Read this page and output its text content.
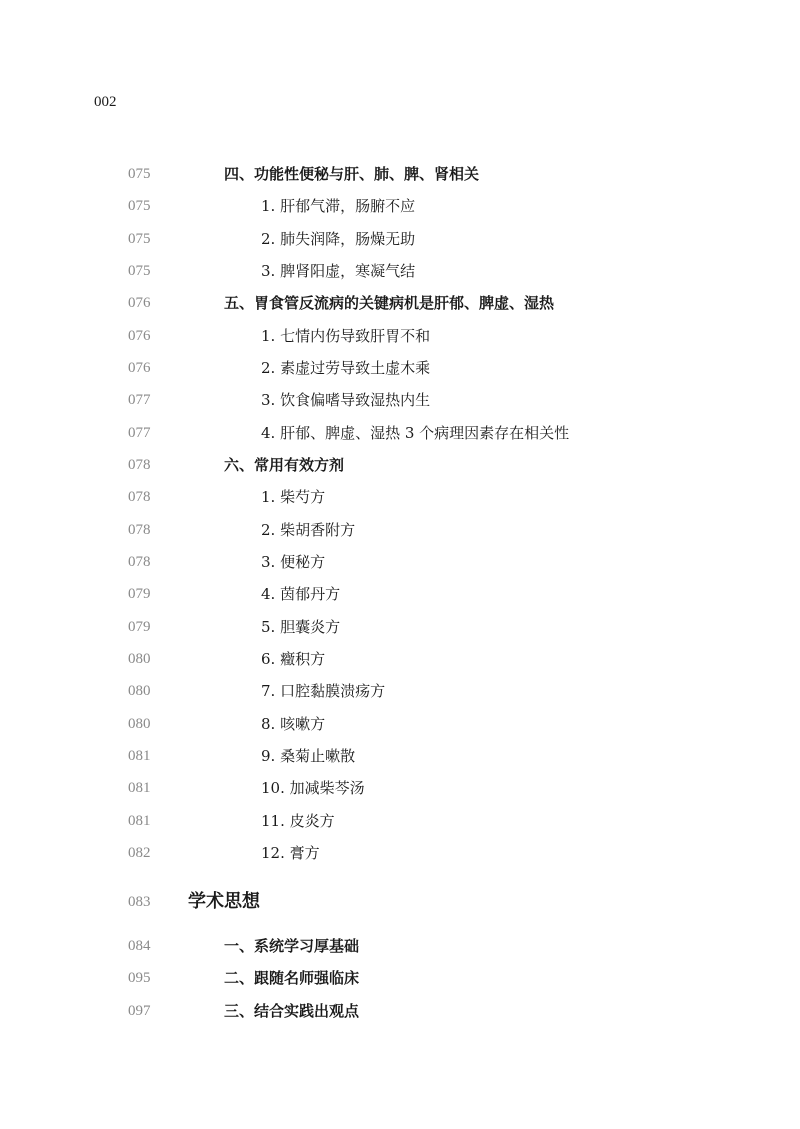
002
075	四、功能性便秘与肝、肺、脾、肾相关
075	1. 肝郁气滞，肠腑不应
075	2. 肺失润降，肠燥无助
075	3. 脾肾阳虚，寒凝气结
076	五、胃食管反流病的关键病机是肝郁、脾虚、湿热
076	1. 七情内伤导致肝胃不和
076	2. 素虚过劳导致土虚木乘
077	3. 饮食偏嗜导致湿热内生
077	4. 肝郁、脾虚、湿热 3 个病理因素存在相关性
078	六、常用有效方剂
078	1. 柴芍方
078	2. 柴胡香附方
078	3. 便秘方
079	4. 茵郁丹方
079	5. 胆囊炎方
080	6. 癥积方
080	7. 口腔黏膜溃疡方
080	8. 咳嗽方
081	9. 桑菊止嗽散
081	10. 加减柴芩汤
081	11. 皮炎方
082	12. 膏方
083 学术思想
084	一、系统学习厚基础
095	二、跟随名师强临床
097	三、结合实践出观点
